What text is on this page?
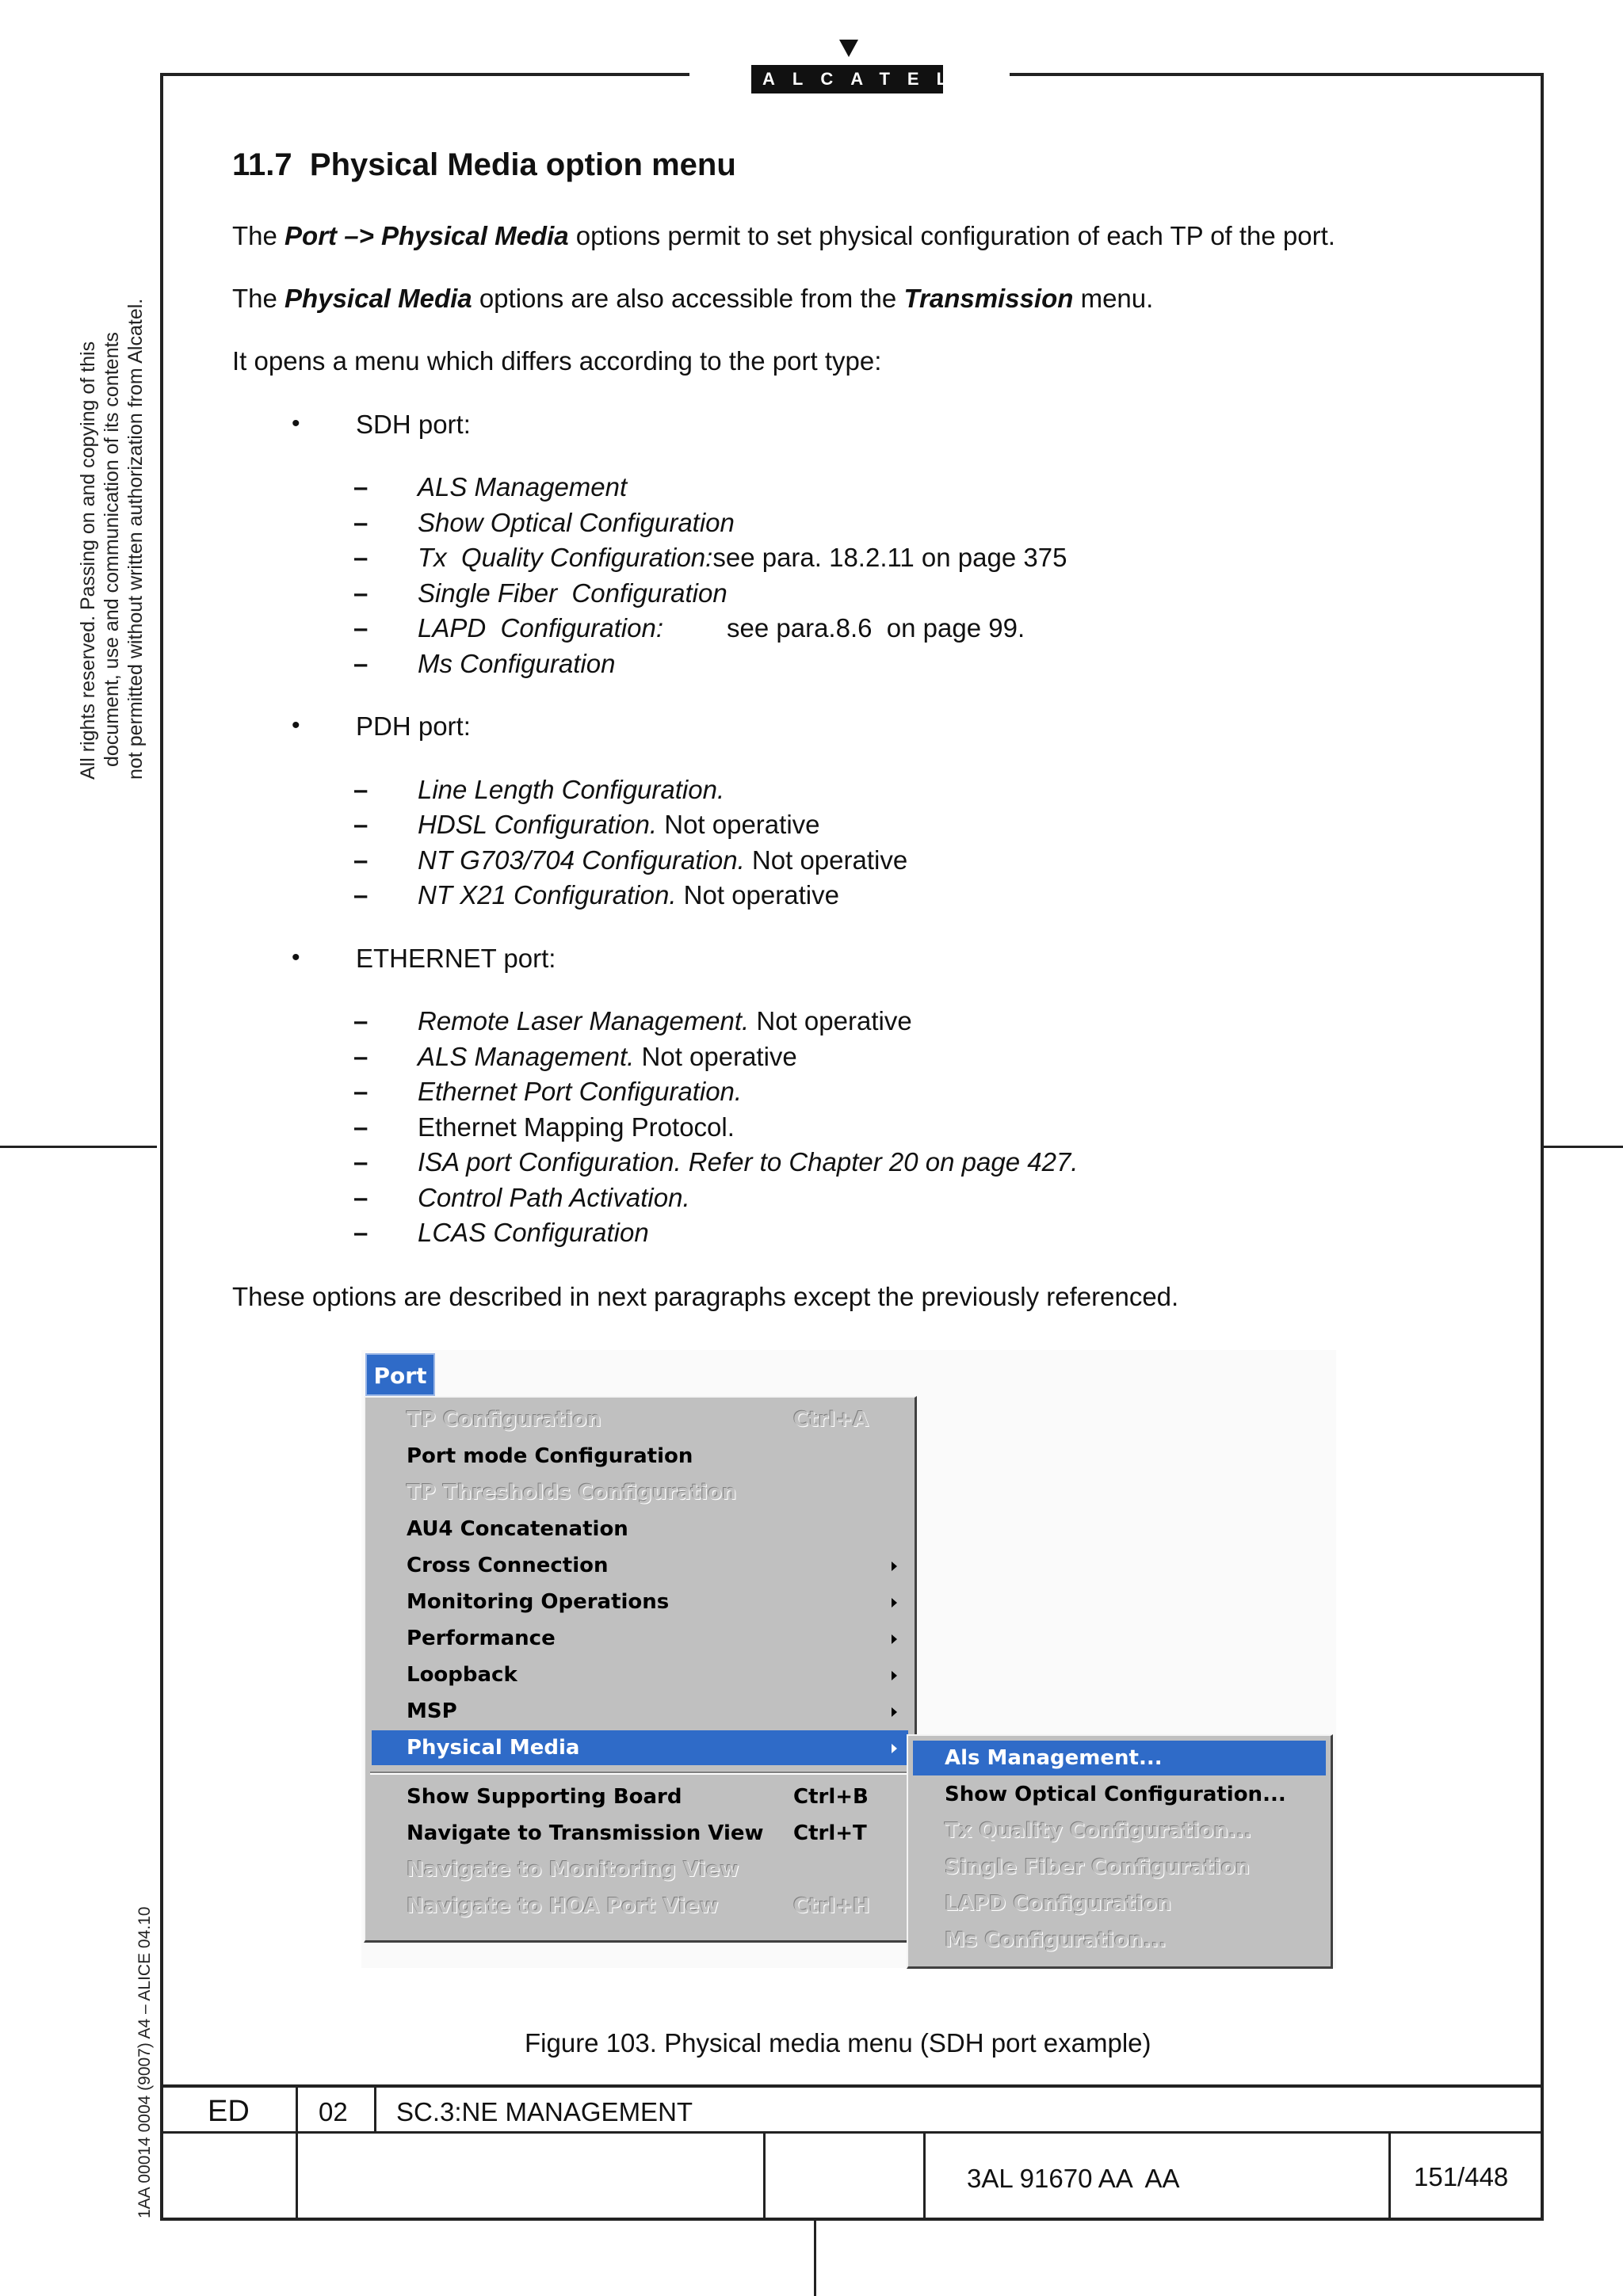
ALCATEL
All rights reserved. Passing on and copying of this document, use and communication of its contents not permitted without written authorization from Alcatel.
1AA 00014 0004 (9007) A4 – ALICE 04.10
11.7 Physical Media option menu
The Port –> Physical Media options permit to set physical configuration of each TP of the port.
The Physical Media options are also accessible from the Transmission menu.
It opens a menu which differs according to the port type:
• SDH port:
– ALS Management
– Show Optical Configuration
– Tx  Quality Configuration:see para. 18.2.11 on page 375
– Single Fiber  Configuration
– LAPD  Configuration: see para.8.6  on page 99.
– Ms Configuration
• PDH port:
– Line Length Configuration.
– HDSL Configuration. Not operative
– NT G703/704 Configuration. Not operative
– NT X21 Configuration. Not operative
• ETHERNET port:
– Remote Laser Management. Not operative
– ALS Management. Not operative
– Ethernet Port Configuration.
– Ethernet Mapping Protocol.
– ISA port Configuration. Refer to Chapter 20 on page 427.
– Control Path Activation.
– LCAS Configuration
These options are described in next paragraphs except the previously referenced.
Port
TP Configuration	Ctrl+A
Port mode Configuration
TP Thresholds Configuration
AU4 Concatenation
Cross Connection
Monitoring Operations
Performance
Loopback
MSP
Physical Media
Show Supporting Board	Ctrl+B
Navigate to Transmission View Ctrl+T
Navigate to Monitoring View
Navigate to HOA Port View	Ctrl+H
Als Management...
Show Optical Configuration...
Tx Quality Configuration...
Single Fiber Configuration
LAPD Configuration
Ms Configuration...
Figure 103. Physical media menu (SDH port example)
ED	02 SC.3:NE MANAGEMENT
3AL 91670 AA  AA	151/448
